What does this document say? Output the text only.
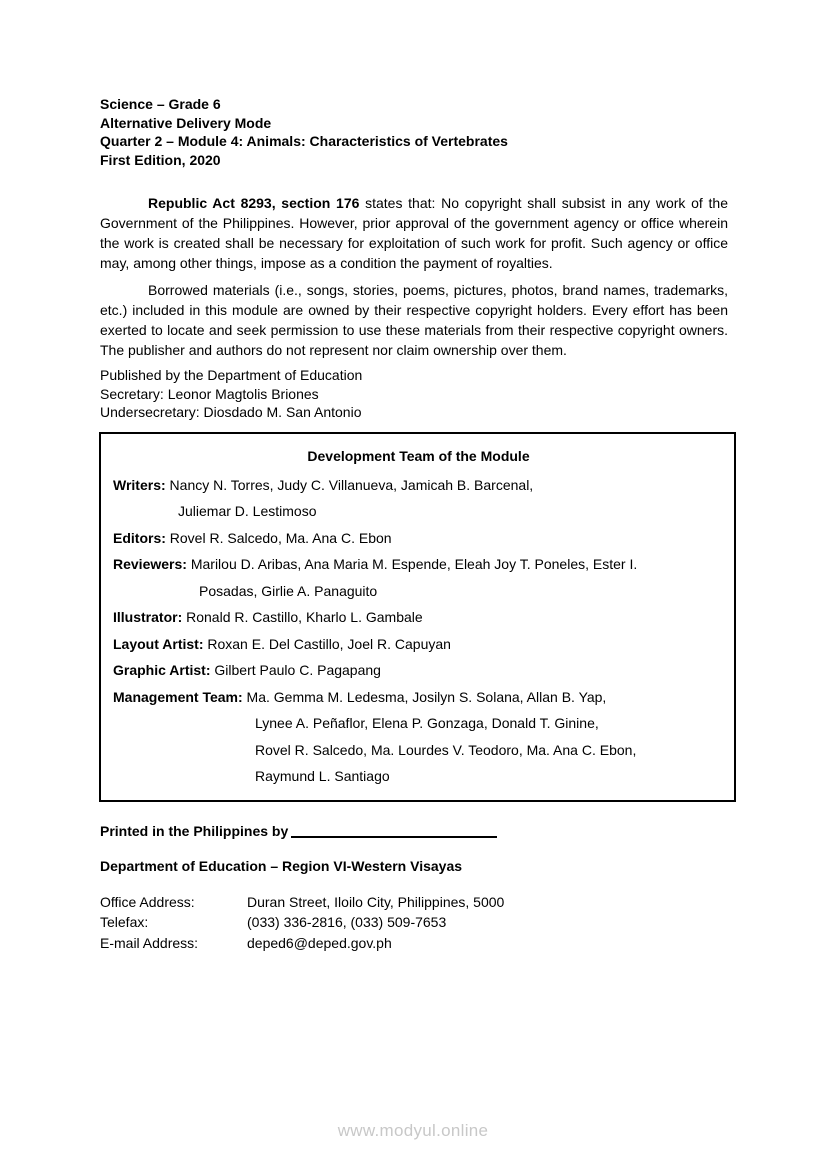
Science – Grade 6
Alternative Delivery Mode
Quarter 2 – Module 4: Animals: Characteristics of Vertebrates
First Edition, 2020

Republic Act 8293, section 176 states that: No copyright shall subsist in any work of the Government of the Philippines. However, prior approval of the government agency or office wherein the work is created shall be necessary for exploitation of such work for profit. Such agency or office may, among other things, impose as a condition the payment of royalties.

Borrowed materials (i.e., songs, stories, poems, pictures, photos, brand names, trademarks, etc.) included in this module are owned by their respective copyright holders. Every effort has been exerted to locate and seek permission to use these materials from their respective copyright owners. The publisher and authors do not represent nor claim ownership over them.

Published by the Department of Education
Secretary: Leonor Magtolis Briones
Undersecretary: Diosdado M. San Antonio
Development Team of the Module
Writers: Nancy N. Torres, Judy C. Villanueva, Jamicah B. Barcenal,
Juliemar D. Lestimoso
Editors: Rovel R. Salcedo, Ma. Ana C. Ebon
Reviewers: Marilou D. Aribas, Ana Maria M. Espende, Eleah Joy T. Poneles, Ester I.
Posadas, Girlie A. Panaguito
Illustrator: Ronald R. Castillo, Kharlo L. Gambale
Layout Artist: Roxan E. Del Castillo, Joel R. Capuyan
Graphic Artist: Gilbert Paulo C. Pagapang
Management Team: Ma. Gemma M. Ledesma, Josilyn S. Solana, Allan B. Yap,
Lynee A. Peñaflor, Elena P. Gonzaga, Donald T. Ginine,
Rovel R. Salcedo, Ma. Lourdes V. Teodoro, Ma. Ana C. Ebon,
Raymund L. Santiago
Printed in the Philippines by
Department of Education – Region VI-Western Visayas
Office Address:	Duran Street, Iloilo City, Philippines, 5000
Telefax:	(033) 336-2816, (033) 509-7653
E-mail Address:	deped6@deped.gov.ph
www.modyul.online
